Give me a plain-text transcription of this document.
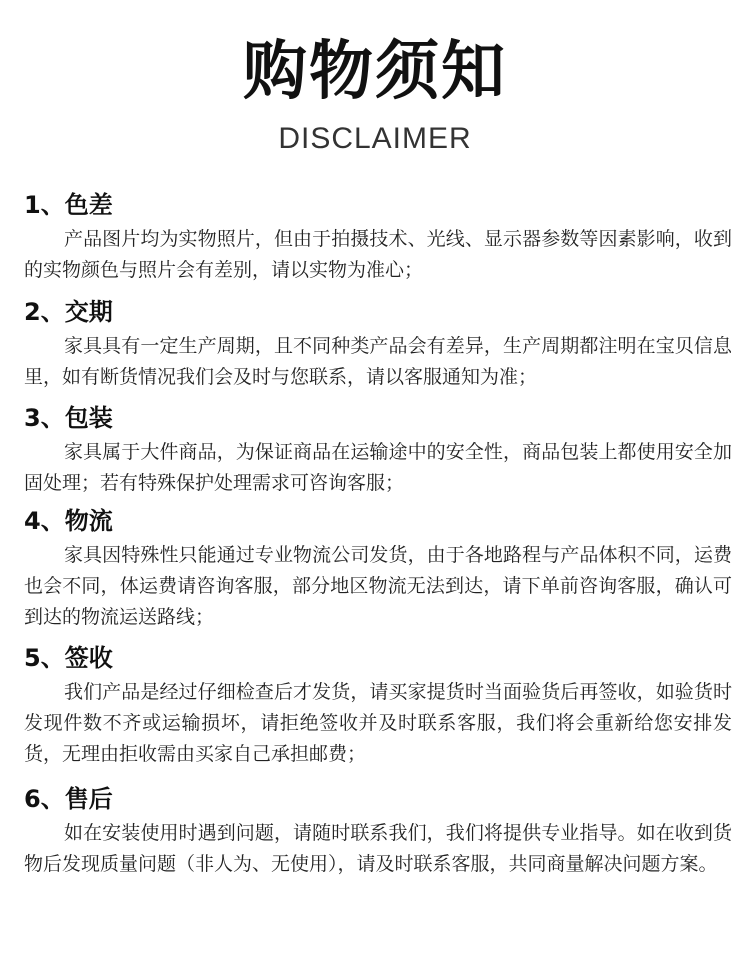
购物须知
DISCLAIMER

1、色差

产品图片均为实物照片，但由于拍摄技术、光线、显示器参数等因素影响，收到的实物颜色与照片会有差别，请以实物为准心；

2、交期

家具具有一定生产周期，且不同种类产品会有差异，生产周期都注明在宝贝信息里，如有断货情况我们会及时与您联系，请以客服通知为准；

3、包装

家具属于大件商品，为保证商品在运输途中的安全性，商品包装上都使用安全加固处理；若有特殊保护处理需求可咨询客服；

4、物流

家具因特殊性只能通过专业物流公司发货，由于各地路程与产品体积不同，运费也会不同，体运费请咨询客服，部分地区物流无法到达，请下单前咨询客服，确认可到达的物流运送路线；

5、签收

我们产品是经过仔细检查后才发货，请买家提货时当面验货后再签收，如验货时发现件数不齐或运输损坏，请拒绝签收并及时联系客服，我们将会重新给您安排发货，无理由拒收需由买家自己承担邮费；

6、售后

如在安装使用时遇到问题，请随时联系我们，我们将提供专业指导。如在收到货物后发现质量问题（非人为、无使用），请及时联系客服，共同商量解决问题方案。
